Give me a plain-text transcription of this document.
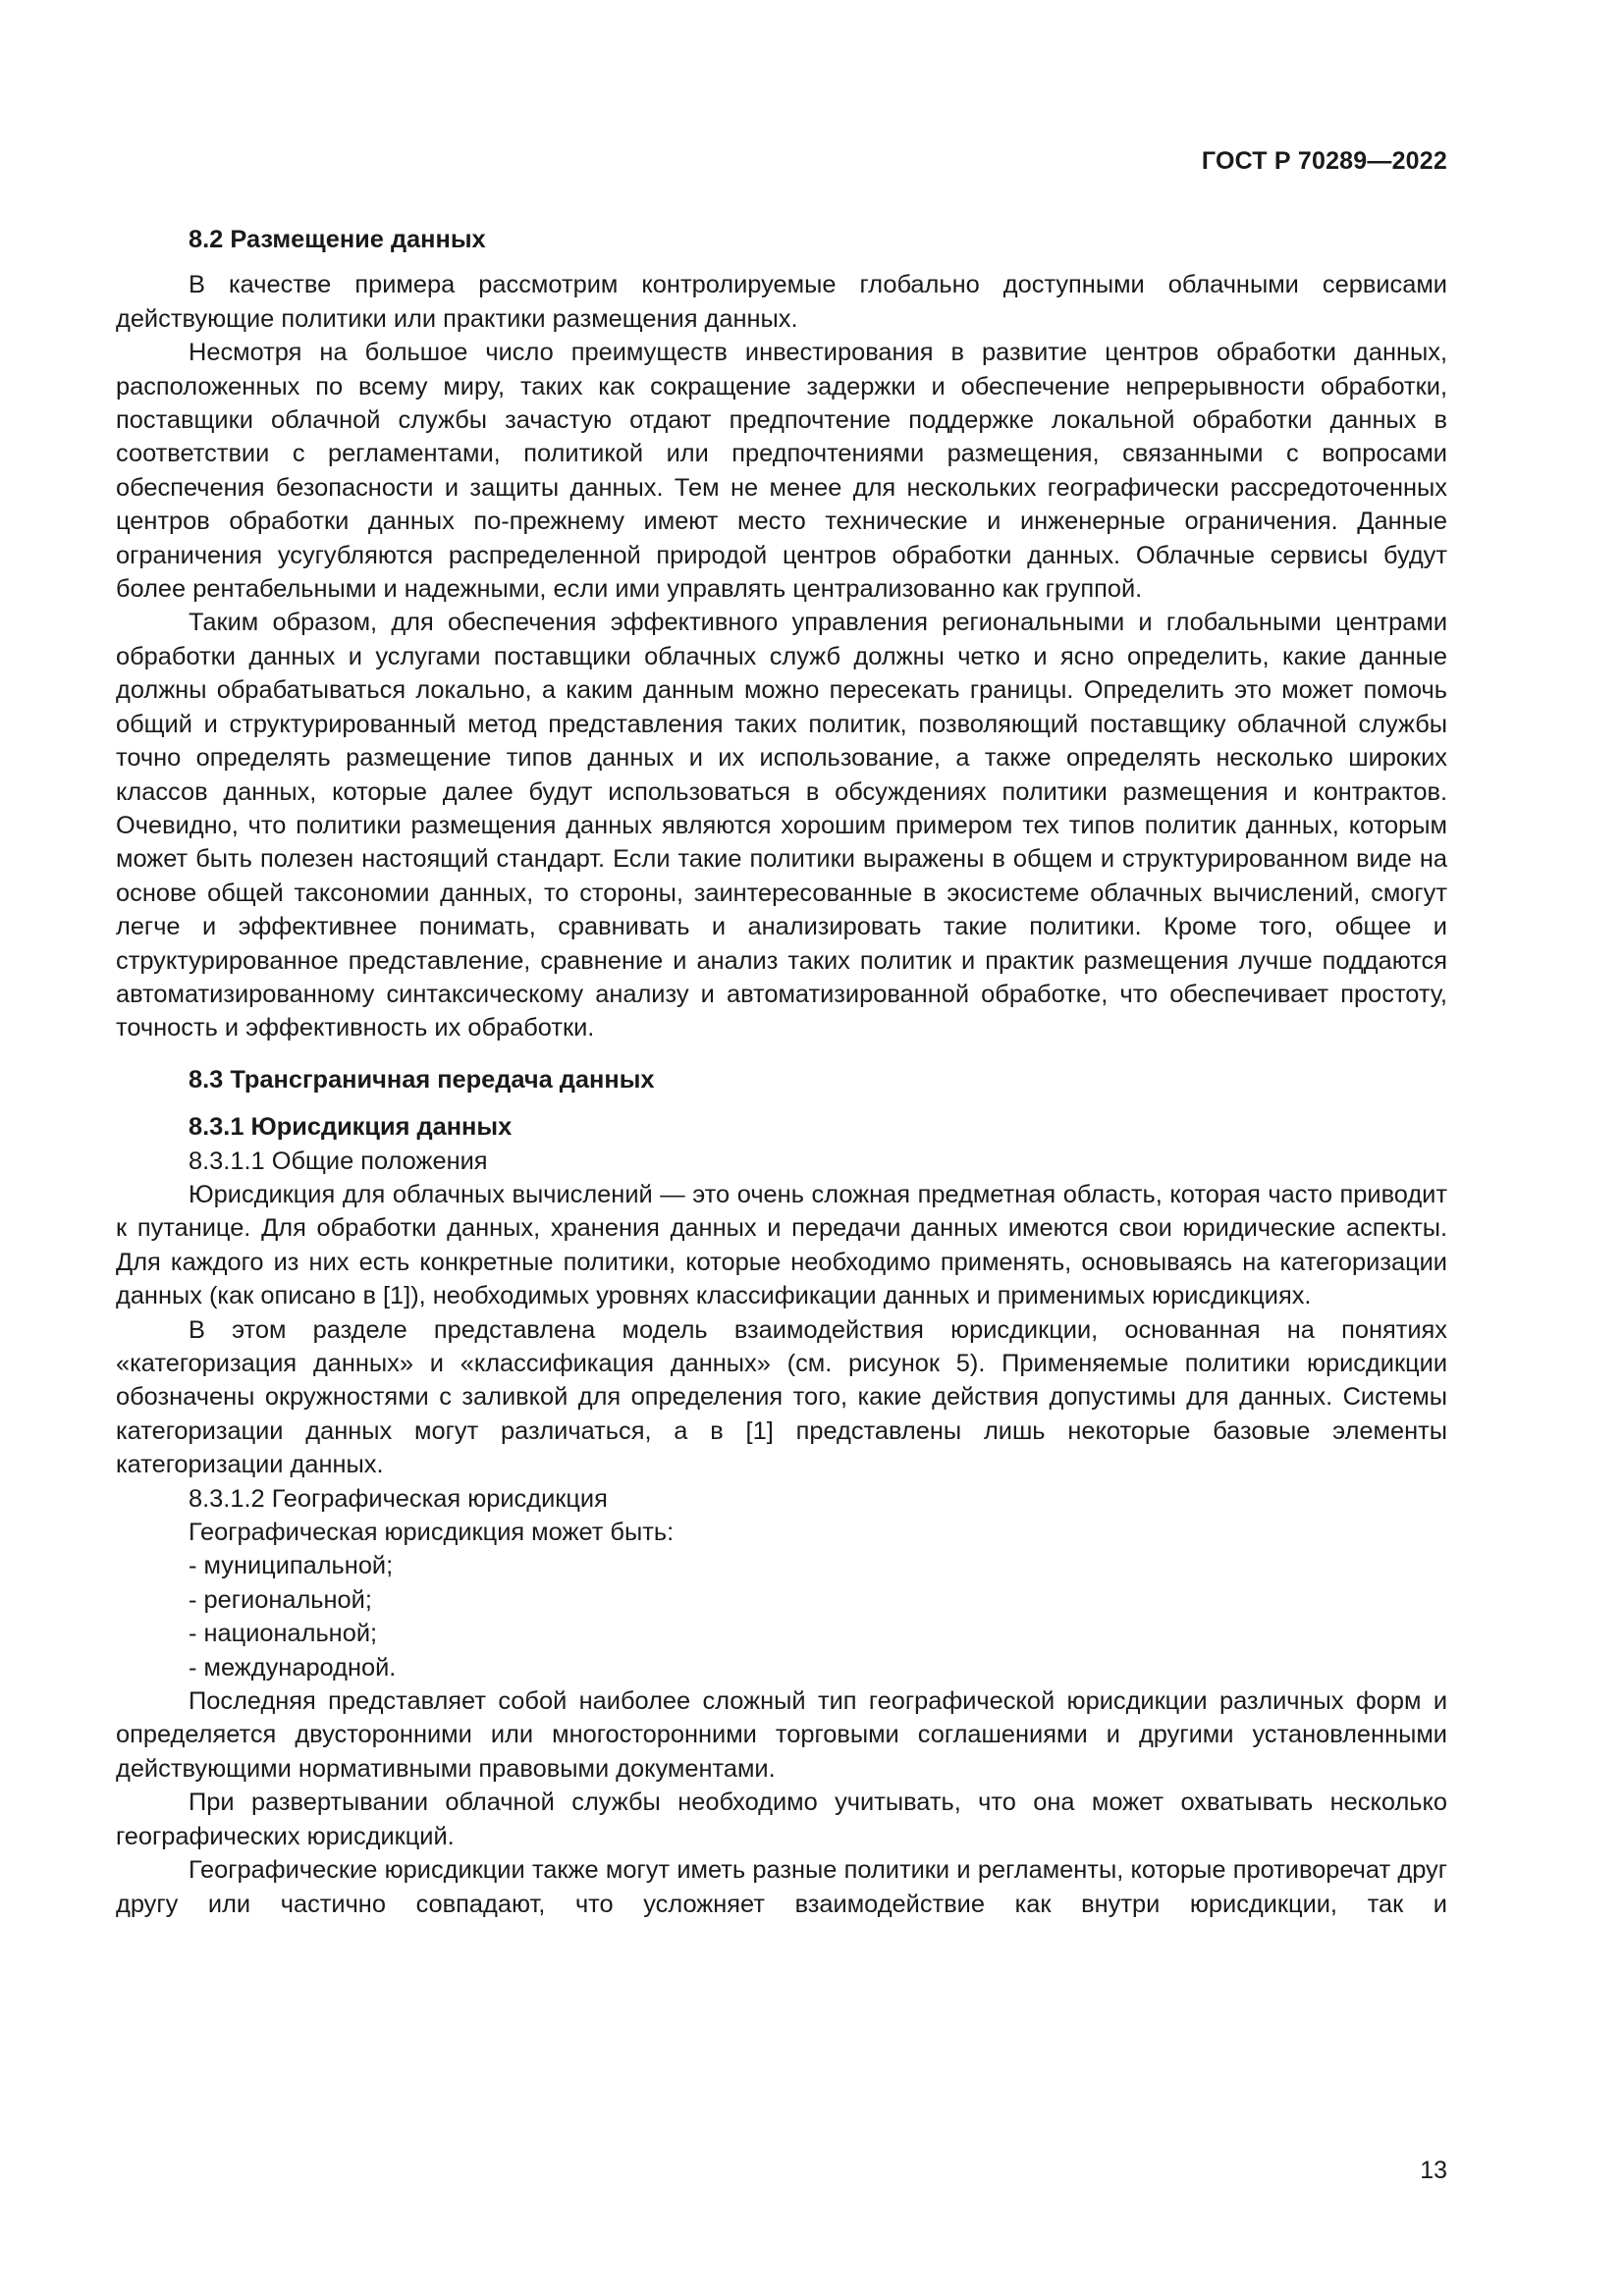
ГОСТ Р 70289—2022

8.2 Размещение данных

В качестве примера рассмотрим контролируемые глобально доступными облачными сервисами действующие политики или практики размещения данных.

Несмотря на большое число преимуществ инвестирования в развитие центров обработки данных, расположенных по всему миру, таких как сокращение задержки и обеспечение непрерывности обработки, поставщики облачной службы зачастую отдают предпочтение поддержке локальной обработки данных в соответствии с регламентами, политикой или предпочтениями размещения, связанными с вопросами обеспечения безопасности и защиты данных. Тем не менее для нескольких географически рассредоточенных центров обработки данных по-прежнему имеют место технические и инженерные ограничения. Данные ограничения усугубляются распределенной природой центров обработки данных. Облачные сервисы будут более рентабельными и надежными, если ими управлять централизованно как группой.

Таким образом, для обеспечения эффективного управления региональными и глобальными центрами обработки данных и услугами поставщики облачных служб должны четко и ясно определить, какие данные должны обрабатываться локально, а каким данным можно пересекать границы. Определить это может помочь общий и структурированный метод представления таких политик, позволяющий поставщику облачной службы точно определять размещение типов данных и их использование, а также определять несколько широких классов данных, которые далее будут использоваться в обсуждениях политики размещения и контрактов. Очевидно, что политики размещения данных являются хорошим примером тех типов политик данных, которым может быть полезен настоящий стандарт. Если такие политики выражены в общем и структурированном виде на основе общей таксономии данных, то стороны, заинтересованные в экосистеме облачных вычислений, смогут легче и эффективнее понимать, сравнивать и анализировать такие политики. Кроме того, общее и структурированное представление, сравнение и анализ таких политик и практик размещения лучше поддаются автоматизированному синтаксическому анализу и автоматизированной обработке, что обеспечивает простоту, точность и эффективность их обработки.

8.3 Трансграничная передача данных

8.3.1 Юрисдикция данных

8.3.1.1 Общие положения

Юрисдикция для облачных вычислений — это очень сложная предметная область, которая часто приводит к путанице. Для обработки данных, хранения данных и передачи данных имеются свои юридические аспекты. Для каждого из них есть конкретные политики, которые необходимо применять, основываясь на категоризации данных (как описано в [1]), необходимых уровнях классификации данных и применимых юрисдикциях.

В этом разделе представлена модель взаимодействия юрисдикции, основанная на понятиях «категоризация данных» и «классификация данных» (см. рисунок 5). Применяемые политики юрисдикции обозначены окружностями с заливкой для определения того, какие действия допустимы для данных. Системы категоризации данных могут различаться, а в [1] представлены лишь некоторые базовые элементы категоризации данных.

8.3.1.2 Географическая юрисдикция

Географическая юрисдикция может быть:

- муниципальной;
- региональной;
- национальной;
- международной.

Последняя представляет собой наиболее сложный тип географической юрисдикции различных форм и определяется двусторонними или многосторонними торговыми соглашениями и другими установленными действующими нормативными правовыми документами.

При развертывании облачной службы необходимо учитывать, что она может охватывать несколько географических юрисдикций.

Географические юрисдикции также могут иметь разные политики и регламенты, которые противоречат друг другу или частично совпадают, что усложняет взаимодействие как внутри юрисдикции, так и

13
